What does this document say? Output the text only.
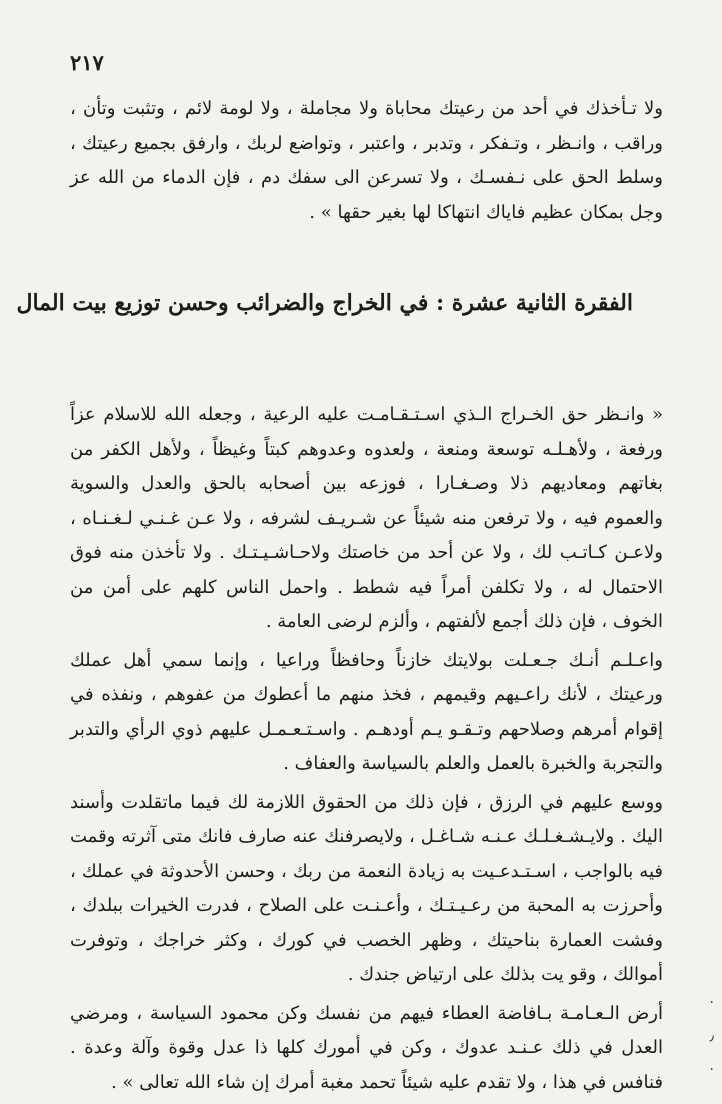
٢١٧
ولا تـأخذك في أحد من رعيتك محاباة ولا مجاملة ، ولا لومة لائم ، وتثبت وتأن ، وراقب ، وانـظر ، وتـفكر ، وتدبر ، واعتبر ، وتواضع لربك ، وارفق بجميع رعيتك ، وسلط الحق على نـفسـك ، ولا تسرعن الى سفك دم ، فإن الدماء من الله عز وجل بمكان عظيم فاياك انتهاكا لها بغير حقها » .
الفقرة الثانية عشرة : في الخراج والضرائب وحسن توزيع بيت المال

« وانـظر حق الخـراج الـذي اسـتـقـامـت عليه الرعية ، وجعله الله للاسلام عزاً ورفعة ، ولأهـلـه توسعة ومنعة ، ولعدوه وعدوهم كبتاً وغيظاً ، ولأهل الكفر من بغاتهم ومعاديهم ذلا وصـغـارا ، فوزعه بين أصحابه بالحق والعدل والسوية والعموم فيه ، ولا ترفعن منه شيئاً عن شـريـف لشرفه ، ولا عـن غـنـي لـغـنـاه ، ولاعـن كـاتـب لك ، ولا عن أحد من خاصتك ولاحـاشـيـتـك . ولا تأخذن منه فوق الاحتمال له ، ولا تكلفن أمراً فيه شطط . واحمل الناس كلهم على أمن من الخوف ، فإن ذلك أجمع لألفتهم ، وألزم لرضى العامة .

واعـلـم أنـك جـعـلت بولايتك خازناً وحافظاً وراعيا ، وإنما سمي أهل عملك ورعيتك ، لأنك راعـيهم وقيمهم ، فخذ منهم ما أعطوك من عفوهم ، ونفذه في إقوام أمرهم وصلاحهم وتـقـو يـم أودهـم . واسـتـعـمـل عليهم ذوي الرأي والتدبر والتجربة والخبرة بالعمل والعلم بالسياسة والعفاف .

ووسع عليهم في الرزق ، فإن ذلك من الحقوق اللازمة لك فيما ماتقلدت وأسند اليك . ولايـشـغـلـك عـنـه شـاغـل ، ولايصرفنك عنه صارف فانك متى آثرته وقمت فيه بالواجب ، اسـتـدعـيت به زيادة النعمة من ربك ، وحسن الأحدوثة في عملك ، وأحرزت به المحبة من رعـيـتـك ، وأعـنـت على الصلاح ، فدرت الخيرات ببلدك ، وفشت العمارة بناحيتك ، وظهر الخصب في كورك ، وكثر خراجك ، وتوفرت أموالك ، وقو يت بذلك على ارتياض جندك .

أرض الـعـامـة بـافاضة العطاء فيهم من نفسك وكن محمود السياسة ، ومرضي العدل في ذلك عـنـد عدوك ، وكن في أمورك كلها ذا عدل وقوة وآلة وعدة . فنافس في هذا ، ولا تقدم عليه شيئاً تحمد مغبة أمرك إن شاء الله تعالى » .

·
٫
·
